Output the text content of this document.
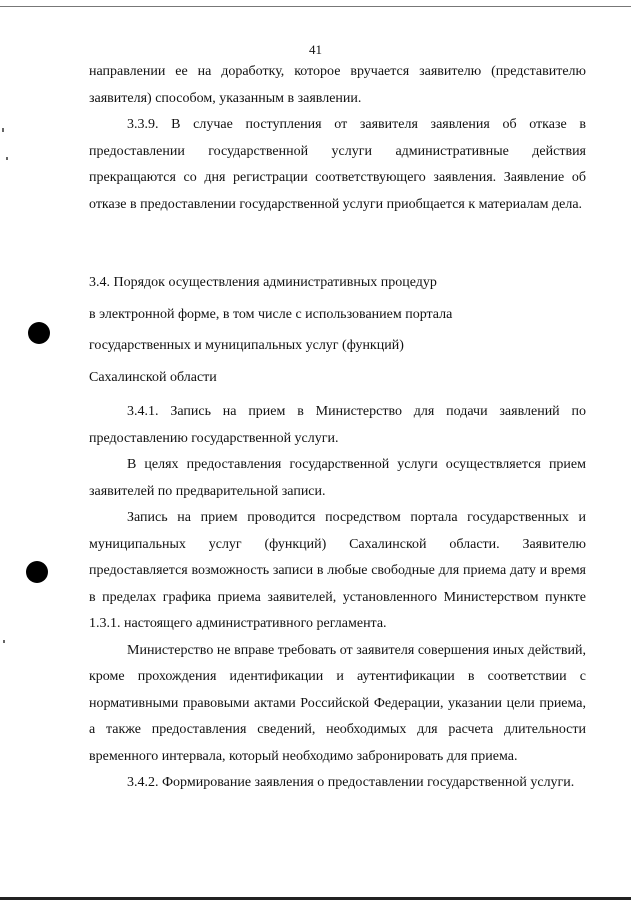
41

направлении ее на доработку, которое вручается заявителю (представителю заявителя) способом, указанным в заявлении.

3.3.9. В случае поступления от заявителя заявления об отказе в предоставлении государственной услуги административные действия прекращаются со дня регистрации соответствующего заявления. Заявление об отказе в предоставлении государственной услуги приобщается к материалам дела.

3.4. Порядок осуществления административных процедур

в электронной форме, в том числе с использованием портала

государственных и муниципальных услуг (функций)

Сахалинской области

3.4.1. Запись на прием в Министерство для подачи заявлений по предоставлению государственной услуги.

В целях предоставления государственной услуги осуществляется прием заявителей по предварительной записи.

Запись на прием проводится посредством портала государственных и муниципальных услуг (функций) Сахалинской области. Заявителю предоставляется возможность записи в любые свободные для приема дату и время в пределах графика приема заявителей, установленного Министерством пункте 1.3.1. настоящего административного регламента.

Министерство не вправе требовать от заявителя совершения иных действий, кроме прохождения идентификации и аутентификации в соответствии с нормативными правовыми актами Российской Федерации, указании цели приема, а также предоставления сведений, необходимых для расчета длительности временного интервала, который необходимо забронировать для приема.

3.4.2. Формирование заявления о предоставлении государственной услуги.
